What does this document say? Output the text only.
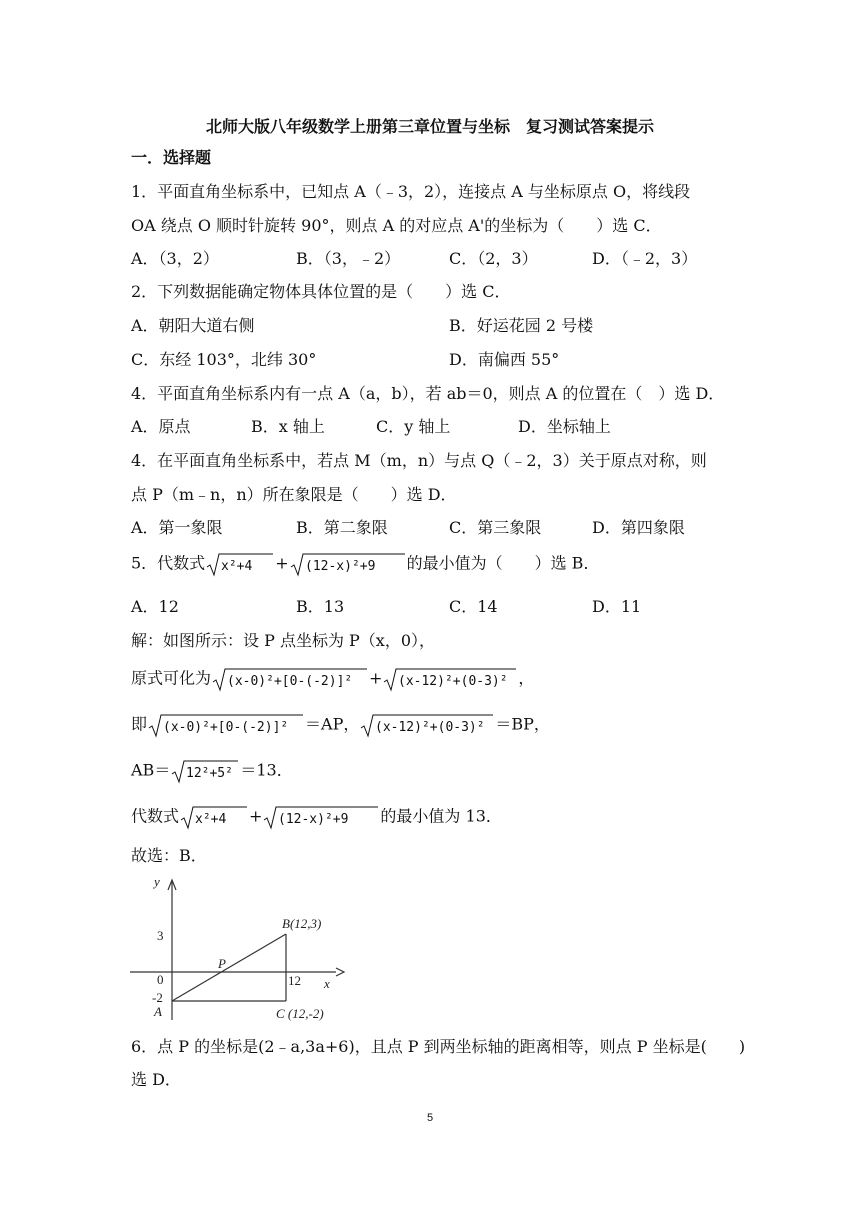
北师大版八年级数学上册第三章位置与坐标　复习测试答案提示
一．选择题
1．平面直角坐标系中，已知点 A（﹣3，2），连接点 A 与坐标原点 O，将线段
OA 绕点 O 顺时针旋转 90°，则点 A 的对应点 A'的坐标为（　　）选 C．
A．（3，2）	B．（3，﹣2）	C．（2，3）	D．（﹣2，3）
2．下列数据能确定物体具体位置的是（　　）选 C．
A．朝阳大道右侧	B．好运花园 2 号楼
C．东经 103°，北纬 30°	D．南偏西 55°
4．平面直角坐标系内有一点 A（a，b），若 ab＝0，则点 A 的位置在（　）选 D．
A．原点	B．x 轴上	C．y 轴上	D．坐标轴上
4．在平面直角坐标系中，若点 M（m，n）与点 Q（﹣2，3）关于原点对称，则
点 P（m﹣n，n）所在象限是（　　）选 D．
A．第一象限	B．第二象限	C．第三象限	D．第四象限
5．代数式 x²+4 + (12-x)²+9 的最小值为（　　）选 B．
A．12	B．13	C．14	D．11
解：如图所示：设 P 点坐标为 P（x，0），
原式可化为 (x-0)²+[0-(-2)]² + (x-12)²+(0-3)² ，
即 (x-0)²+[0-(-2)]² ＝AP， (x-12)²+(0-3)² ＝BP，
AB＝ 12²+5² ＝13．
代数式 x²+4 + (12-x)²+9 的最小值为 13．
故选：B．
y
x
3
0
-2
A
12
P
B(12,3)
C (12,-2)
6．点 P 的坐标是(2﹣a,3a+6)，且点 P 到两坐标轴的距离相等，则点 P 坐标是(　　)
选 D．
5
